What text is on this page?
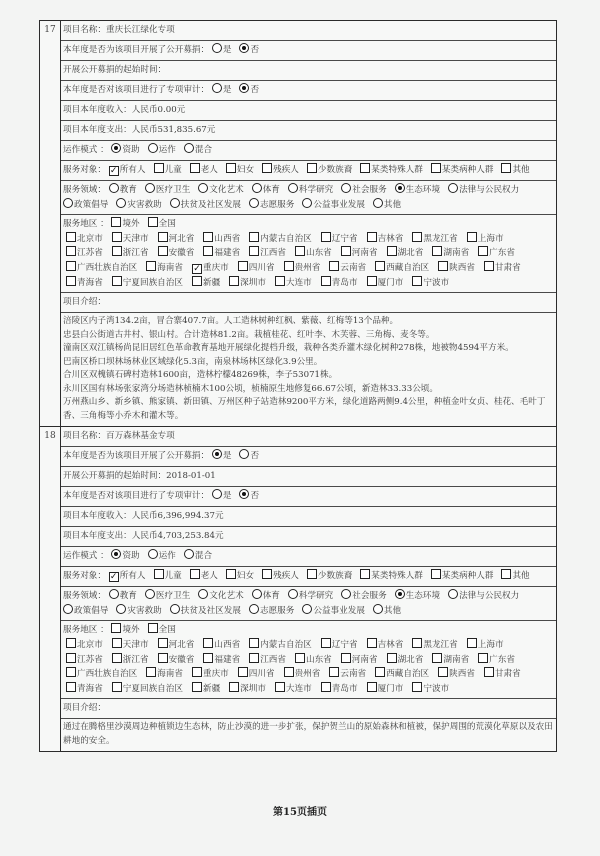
17 项目名称：重庆长江绿化专项
本年度是否为该项目开展了公开募捐： 是 否
开展公开募捐的起始时间：
本年度是否对该项目进行了专项审计： 是 否
项目本年度收入：人民币0.00元
项目本年度支出：人民币531,835.67元
运作模式 ： 资助 运作 混合
服务对象： ✓ 所有人 儿童 老人 妇女 残疾人 少数族裔 某类特殊人群 某类病种人群 其他
服务领域： 教育 医疗卫生 文化艺术 体育 科学研究 社会服务 生态环境 法律与公民权力政策倡导 灾害救助 扶贫及社区发展 志愿服务 公益事业发展 其他
服务地区 ： 境外 全国
北京市 天津市 河北省 山西省 内蒙古自治区 辽宁省 吉林省 黑龙江省 上海市江苏省 浙江省 安徽省 福建省 江西省 山东省 河南省 湖北省 湖南省 广东省广西壮族自治区 海南省 ✓ 重庆市 四川省 贵州省 云南省 西藏自治区 陕西省 甘肃省青海省 宁夏回族自治区 新疆 深圳市 大连市 青岛市 厦门市 宁波市
项目介绍：
涪陵区内子湾134.2亩，冒合寨407.7亩。人工造林树种红枫、紫薇、红梅等13个品种。
忠县白公街道古井村、银山村。合计造林81.2亩。栽植桂花、红叶李、木芙蓉、三角梅、麦冬等。
潼南区双江镇杨尚昆旧居红色革命教育基地开展绿化提档升级，栽种各类乔灌木绿化树种278株，地被物4594平方米。
巴南区桥口坝林场林业区域绿化5.3亩，南泉林场林区绿化3.9公里。
合川区双槐镇石碑村造林1600亩，造林柠檬48269株，李子53071株。
永川区国有林场张家湾分场造林桢楠木100公顷，桢楠原生地修复66.67公顷，新造林33.33公顷。
万州燕山乡、新乡镇、熊家镇、新田镇、万州区种子站造林9200平方米，绿化道路两侧9.4公里，种植金叶女贞、桂花、毛叶丁香、三角梅等小乔木和灌木等。
18 项目名称：百万森林基金专项
本年度是否为该项目开展了公开募捐： 是 否
开展公开募捐的起始时间：2018-01-01
本年度是否对该项目进行了专项审计： 是 否
项目本年度收入：人民币6,396,994.37元
项目本年度支出：人民币4,703,253.84元
运作模式 ： 资助 运作 混合
服务对象： ✓ 所有人 儿童 老人 妇女 残疾人 少数族裔 某类特殊人群 某类病种人群 其他
服务领域： 教育 医疗卫生 文化艺术 体育 科学研究 社会服务 生态环境 法律与公民权力政策倡导 灾害救助 扶贫及社区发展 志愿服务 公益事业发展 其他
服务地区 ： 境外 全国
北京市 天津市 河北省 山西省 内蒙古自治区 辽宁省 吉林省 黑龙江省 上海市江苏省 浙江省 安徽省 福建省 江西省 山东省 河南省 湖北省 湖南省 广东省广西壮族自治区 海南省 重庆市 四川省 贵州省 云南省 西藏自治区 陕西省 甘肃省青海省 宁夏回族自治区 新疆 深圳市 大连市 青岛市 厦门市 宁波市
项目介绍：
通过在腾格里沙漠周边种植锁边生态林，防止沙漠的进一步扩张，保护贺兰山的原始森林和植被，保护周围的荒漠化草原以及农田耕地的安全。
第15页插页
